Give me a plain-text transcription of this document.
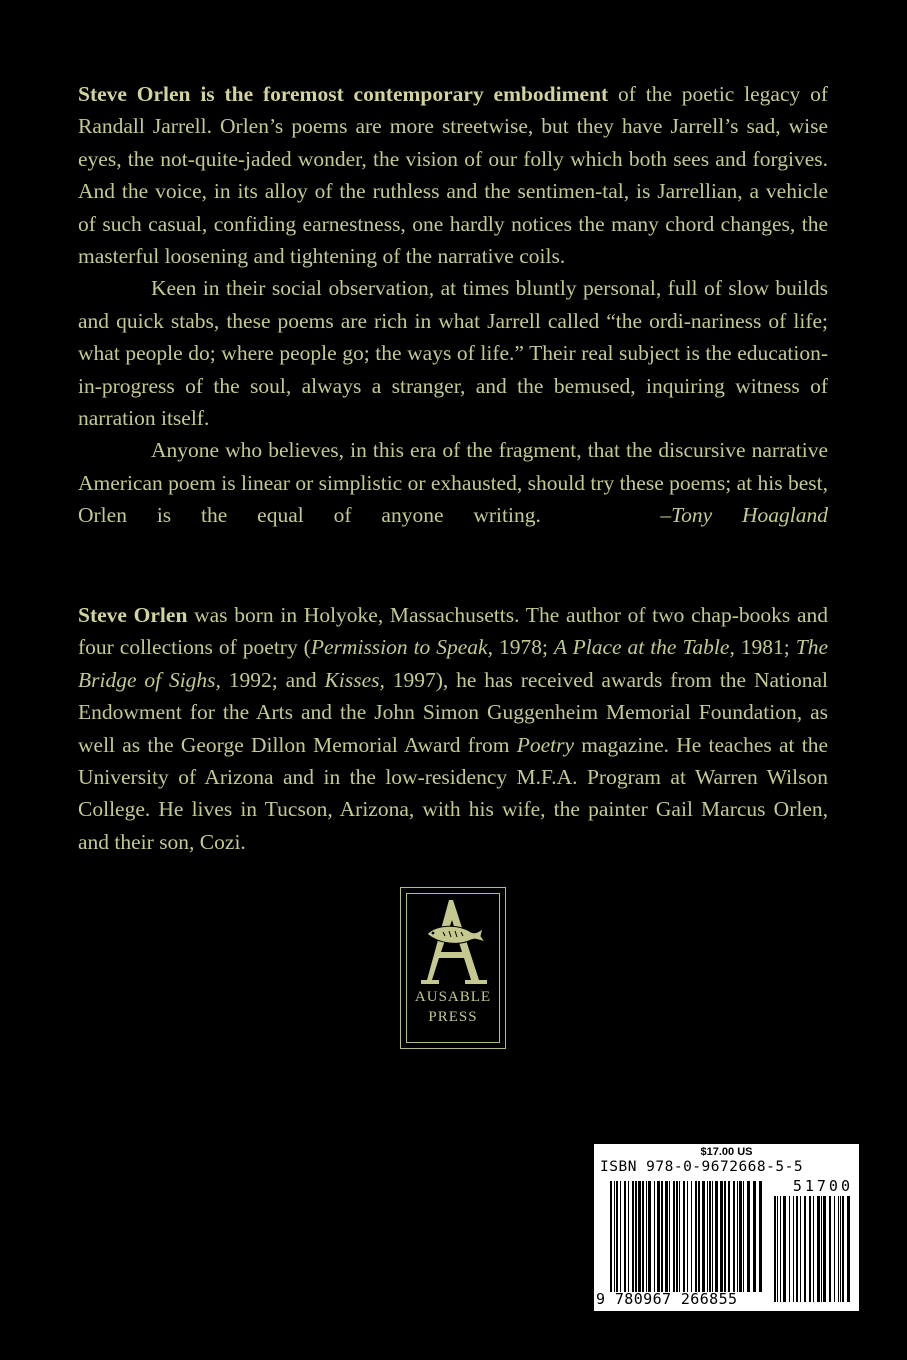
Steve Orlen is the foremost contemporary embodiment of the poetic legacy of Randall Jarrell. Orlen’s poems are more streetwise, but they have Jarrell’s sad, wise eyes, the not-quite-jaded wonder, the vision of our folly which both sees and forgives. And the voice, in its alloy of the ruthless and the sentimen-tal, is Jarrellian, a vehicle of such casual, confiding earnestness, one hardly notices the many chord changes, the masterful loosening and tightening of the narrative coils.

Keen in their social observation, at times bluntly personal, full of slow builds and quick stabs, these poems are rich in what Jarrell called “the ordi-nariness of life; what people do; where people go; the ways of life.” Their real subject is the education-in-progress of the soul, always a stranger, and the bemused, inquiring witness of narration itself.

Anyone who believes, in this era of the fragment, that the discursive narrative American poem is linear or simplistic or exhausted, should try these poems; at his best, Orlen is the equal of anyone writing.	–Tony Hoagland

Steve Orlen was born in Holyoke, Massachusetts. The author of two chap-books and four collections of poetry (Permission to Speak, 1978; A Place at the Table, 1981; The Bridge of Sighs, 1992; and Kisses, 1997), he has received awards from the National Endowment for the Arts and the John Simon Guggenheim Memorial Foundation, as well as the George Dillon Memorial Award from Poetry magazine. He teaches at the University of Arizona and in the low-residency M.F.A. Program at Warren Wilson College. He lives in Tucson, Arizona, with his wife, the painter Gail Marcus Orlen, and their son, Cozi.

AUSABLE
PRESS
$17.00 US
ISBN 978-0-9672668-5-5
51700
9 780967 266855
